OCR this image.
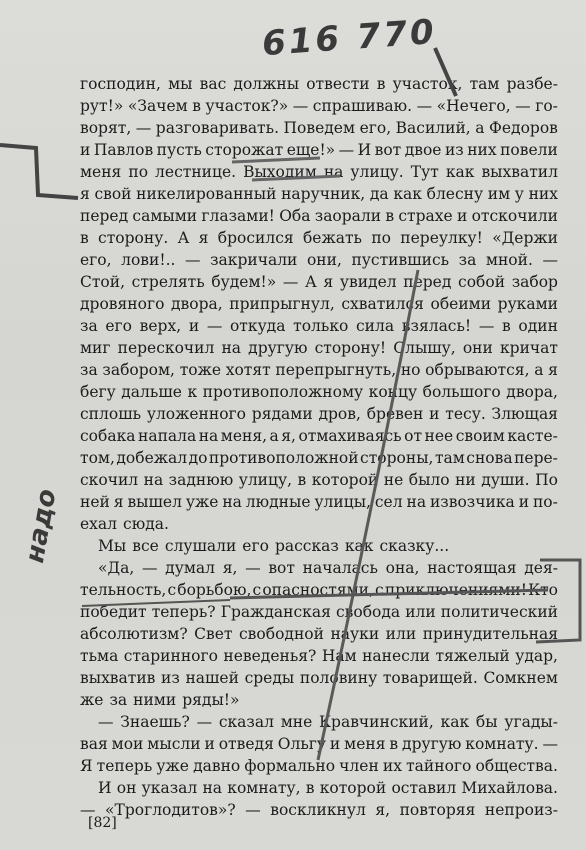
616 770
надо
господин, мы вас должны отвести в участок, там разбе-
рут!» «Зачем в участок?» — спрашиваю. — «Нечего, — го-
ворят, — разговаривать. Поведем его, Василий, а Федоров
и Павлов пусть сторожат еще!» — И вот двое из них повели
меня по лестнице. Выходим на улицу. Тут как выхватил
я свой никелированный наручник, да как блесну им у них
перед самыми глазами! Оба заорали в страхе и отскочили
в сторону. А я бросился бежать по переулку! «Держи
его, лови!.. — закричали они, пустившись за мной. —
Стой, стрелять будем!» — А я увидел перед собой забор
дровяного двора, припрыгнул, схватился обеими руками
за его верх, и — откуда только сила взялась! — в один
миг перескочил на другую сторону! Слышу, они кричат
за забором, тоже хотят перепрыгнуть, но обрываются, а я
бегу дальше к противоположному концу большого двора,
сплошь уложенного рядами дров, бревен и тесу. Злющая
собака напала на меня, а я, отмахиваясь от нее своим касте-
том, добежал до противоположной стороны, там снова пере-
скочил на заднюю улицу, в которой не было ни души. По
ней я вышел уже на людные улицы, сел на извозчика и по-
ехал сюда.
Мы все слушали его рассказ как сказку...
«Да, — думал я, — вот началась она, настоящая дея-
тельность, с борьбою, с опасностями, с приключениями! Кто
победит теперь? Гражданская свобода или политический
абсолютизм? Свет свободной науки или принудительная
тьма старинного неведенья? Нам нанесли тяжелый удар,
выхватив из нашей среды половину товарищей. Сомкнем
же за ними ряды!»
— Знаешь? — сказал мне Кравчинский, как бы угады-
вая мои мысли и отведя Ольгу и меня в другую комнату. —
Я теперь уже давно формально член их тайного общества.
И он указал на комнату, в которой оставил Михайлова.
— «Троглодитов»? — воскликнул я, повторяя непроиз-
[82]
